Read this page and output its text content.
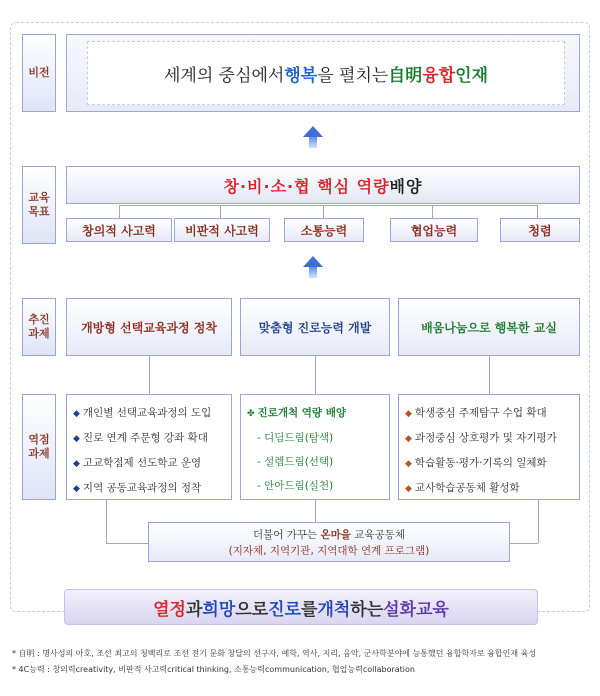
비전
교육
목표
추진
과제
역점
과제
세계의 중심에서 행복 을 펼치는 自明 융합 인재
창·비·소·협 핵심 역량 배양
창의적 사고력 비판적 사고력	소통능력	협업능력	청렴
개방형 선택교육과정 정착	맞춤형 진로능력 개발	배움나눔으로 행복한 교실
◆ 개인별 선택교육과정의 도입
◆ 진로 연계 주문형 강좌 확대
◆ 고교학점제 선도학교 운영
◆ 지역 공동교육과정의 정착
✤ 진로개척 역량 배양
- 디딤드림(탐색)
- 설렘드림(선택)
- 안아드림(실천)
◆ 학생중심 주제탐구 수업 확대
◆ 과정중심 상호평가 및 자기평가
◆ 학습활동·평가·기록의 일체화
◆ 교사학습공동체 활성화
더불어 가꾸는 온마을 교육공동체
(지자체, 지역기관, 지역대학 연계 프로그램)
열정 과 희망 으로 진로 를 개척 하는 설화교육
* 自明 : 명사성의 아호, 조선 최고의 청백리로 조선 전기 문화 창달의 선구자, 예학, 역사, 지리, 음악, 군사학분야에 능통했던 융합학자로 융합인재 육성
* 4C능력 : 창의력creativity, 비판적 사고력critical thinking, 소통능력communication, 협업능력collaboration
